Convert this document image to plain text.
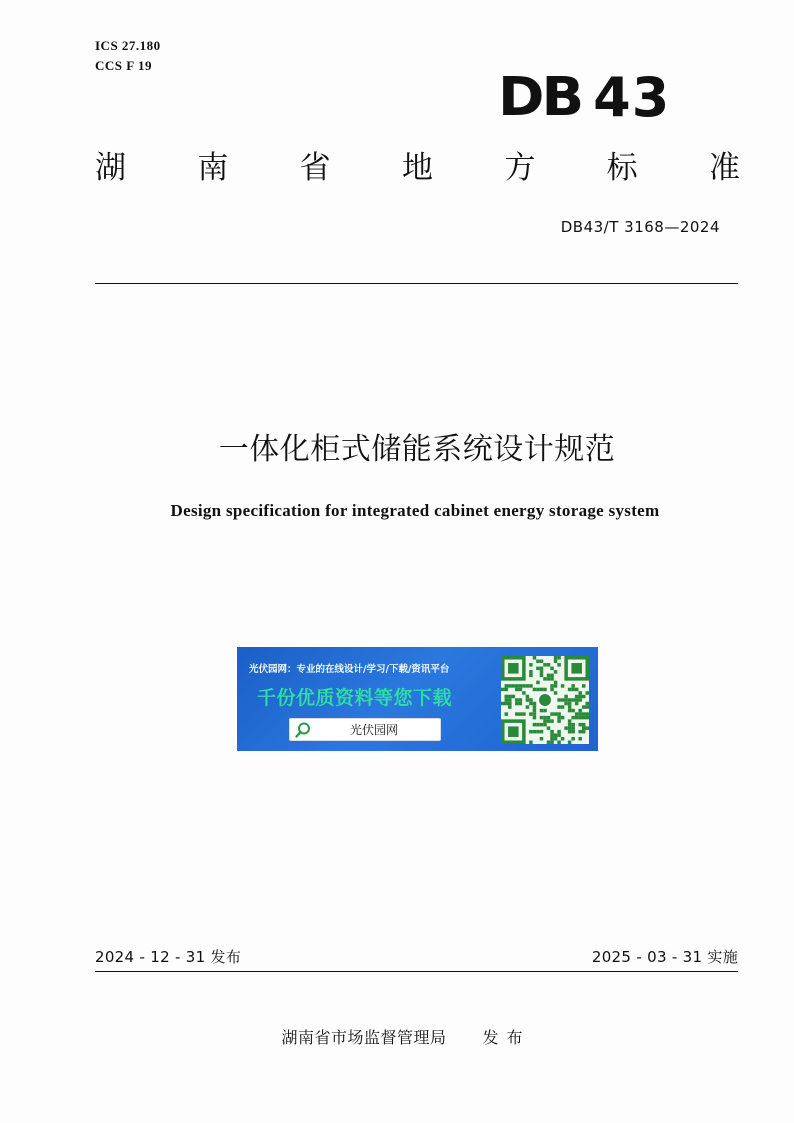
ICS 27.180
CCS F 19
DB 43
湖 南 省 地 方 标 准
DB43/T 3168—2024
一体化柜式储能系统设计规范
Design specification for integrated cabinet energy storage system
光伏园网：专业的在线设计/学习/下载/资讯平台
千份优质资料等您下载
光伏园网
2024 - 12 - 31 发布	2025 - 03 - 31 实施
湖南省市场监督管理局 发布
